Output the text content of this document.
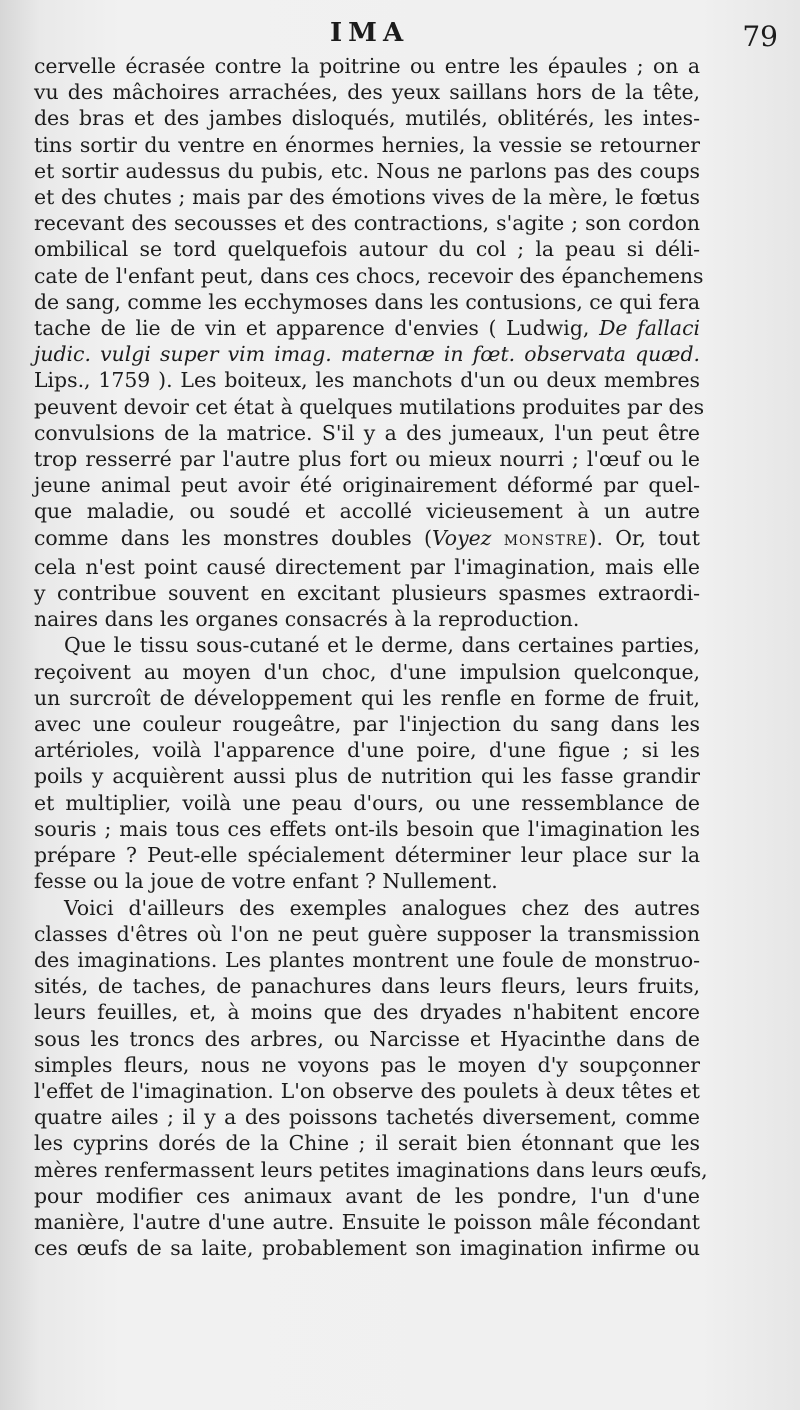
IMA	79
cervelle écrasée contre la poitrine ou entre les épaules ; on a
vu des mâchoires arrachées, des yeux saillans hors de la tête,
des bras et des jambes disloqués, mutilés, oblitérés, les intes-
tins sortir du ventre en énormes hernies, la vessie se retourner
et sortir audessus du pubis, etc. Nous ne parlons pas des coups
et des chutes ; mais par des émotions vives de la mère, le fœtus
recevant des secousses et des contractions, s'agite ; son cordon
ombilical se tord quelquefois autour du col ; la peau si déli-
cate de l'enfant peut, dans ces chocs, recevoir des épanchemens
de sang, comme les ecchymoses dans les contusions, ce qui fera
tache de lie de vin et apparence d'envies ( Ludwig, De fallaci
judic. vulgi super vim imag. maternæ in fœt. observata quæd.
Lips., 1759 ). Les boiteux, les manchots d'un ou deux membres
peuvent devoir cet état à quelques mutilations produites par des
convulsions de la matrice. S'il y a des jumeaux, l'un peut être
trop resserré par l'autre plus fort ou mieux nourri ; l'œuf ou le
jeune animal peut avoir été originairement déformé par quel-
que maladie, ou soudé et accollé vicieusement à un autre
comme dans les monstres doubles (Voyez MONSTRE). Or, tout
cela n'est point causé directement par l'imagination, mais elle
y contribue souvent en excitant plusieurs spasmes extraordi-
naires dans les organes consacrés à la reproduction.
Que le tissu sous-cutané et le derme, dans certaines parties,
reçoivent au moyen d'un choc, d'une impulsion quelconque,
un surcroît de développement qui les renfle en forme de fruit,
avec une couleur rougeâtre, par l'injection du sang dans les
artérioles, voilà l'apparence d'une poire, d'une figue ; si les
poils y acquièrent aussi plus de nutrition qui les fasse grandir
et multiplier, voilà une peau d'ours, ou une ressemblance de
souris ; mais tous ces effets ont-ils besoin que l'imagination les
prépare ? Peut-elle spécialement déterminer leur place sur la
fesse ou la joue de votre enfant ? Nullement.
Voici d'ailleurs des exemples analogues chez des autres
classes d'êtres où l'on ne peut guère supposer la transmission
des imaginations. Les plantes montrent une foule de monstruo-
sités, de taches, de panachures dans leurs fleurs, leurs fruits,
leurs feuilles, et, à moins que des dryades n'habitent encore
sous les troncs des arbres, ou Narcisse et Hyacinthe dans de
simples fleurs, nous ne voyons pas le moyen d'y soupçonner
l'effet de l'imagination. L'on observe des poulets à deux têtes et
quatre ailes ; il y a des poissons tachetés diversement, comme
les cyprins dorés de la Chine ; il serait bien étonnant que les
mères renfermassent leurs petites imaginations dans leurs œufs,
pour modifier ces animaux avant de les pondre, l'un d'une
manière, l'autre d'une autre. Ensuite le poisson mâle fécondant
ces œufs de sa laite, probablement son imagination infirme ou
